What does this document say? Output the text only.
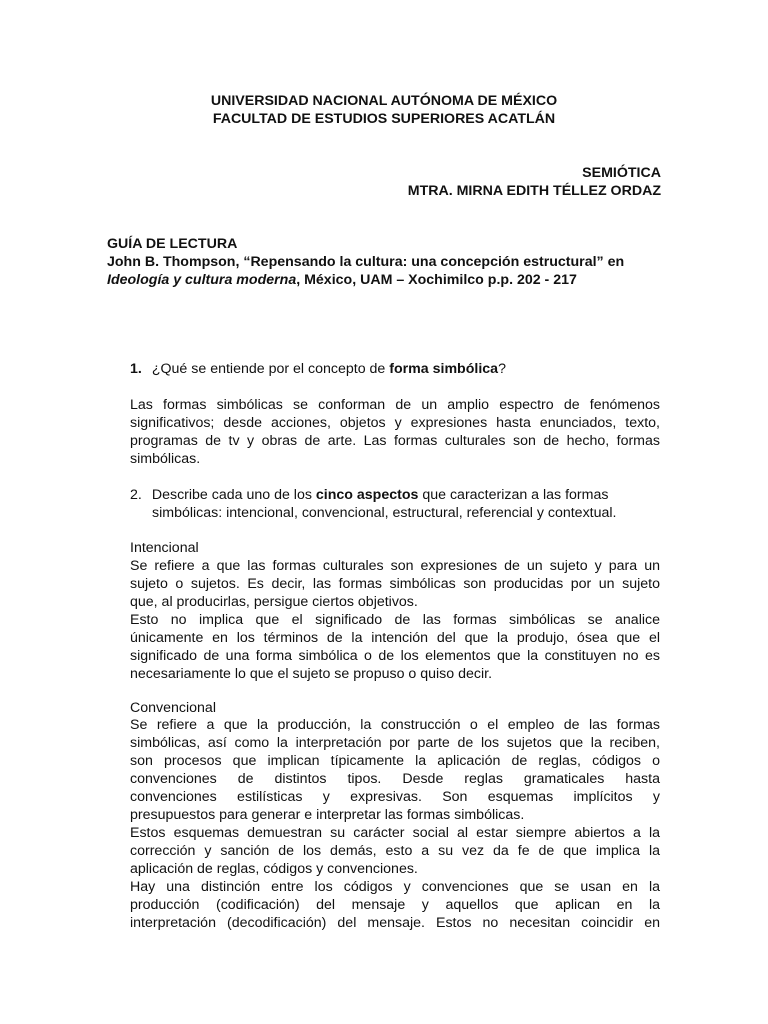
UNIVERSIDAD NACIONAL AUTÓNOMA DE MÉXICO
FACULTAD DE ESTUDIOS SUPERIORES ACATLÁN
SEMIÓTICA
MTRA. MIRNA EDITH TÉLLEZ ORDAZ
GUÍA DE LECTURA
John B. Thompson, “Repensando la cultura: una concepción estructural” en
Ideología y cultura moderna, México, UAM – Xochimilco p.p. 202 - 217
1. ¿Qué se entiende por el concepto de forma simbólica?
Las formas simbólicas se conforman de un amplio espectro de fenómenos
significativos; desde acciones, objetos y expresiones hasta enunciados, texto,
programas de tv y obras de arte. Las formas culturales son de hecho, formas
simbólicas.
2. Describe cada uno de los cinco aspectos que caracterizan a las formas
simbólicas: intencional, convencional, estructural, referencial y contextual.
Intencional
Se refiere a que las formas culturales son expresiones de un sujeto y para un
sujeto o sujetos. Es decir, las formas simbólicas son producidas por un sujeto
que, al producirlas, persigue ciertos objetivos.
Esto no implica que el significado de las formas simbólicas se analice
únicamente en los términos de la intención del que la produjo, ósea que el
significado de una forma simbólica o de los elementos que la constituyen no es
necesariamente lo que el sujeto se propuso o quiso decir.
Convencional
Se refiere a que la producción, la construcción o el empleo de las formas
simbólicas, así como la interpretación por parte de los sujetos que la reciben,
son procesos que implican típicamente la aplicación de reglas, códigos o
convenciones de distintos tipos. Desde reglas gramaticales hasta
convenciones estilísticas y expresivas. Son esquemas implícitos y
presupuestos para generar e interpretar las formas simbólicas.
Estos esquemas demuestran su carácter social al estar siempre abiertos a la
corrección y sanción de los demás, esto a su vez da fe de que implica la
aplicación de reglas, códigos y convenciones.
Hay una distinción entre los códigos y convenciones que se usan en la
producción (codificación) del mensaje y aquellos que aplican en la
interpretación (decodificación) del mensaje. Estos no necesitan coincidir en
